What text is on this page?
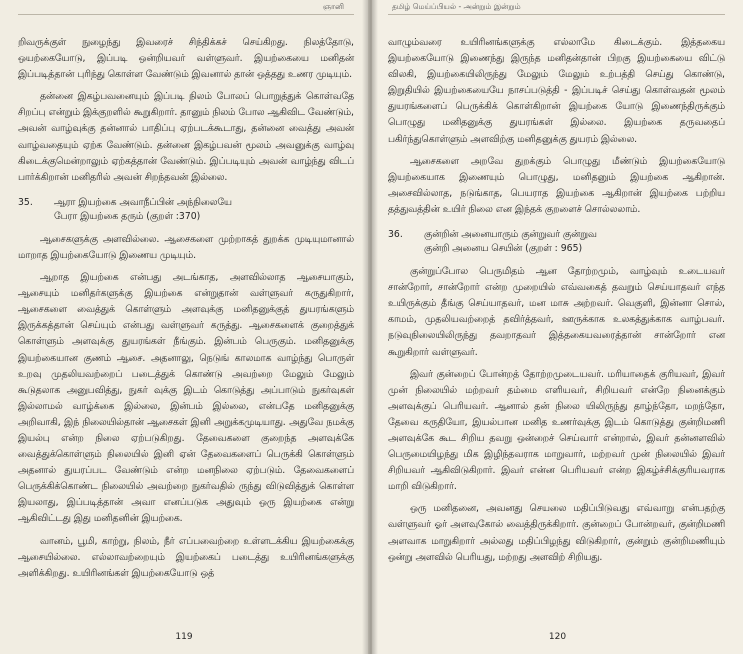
ஞானி

றிவருக்குள் நுழைந்து இவரைச் சிந்திக்கச் செய்கிறது. நிலத்தோடு, ஒயற்கையோடு, இப்படி ஒன்றியவர் வள்ளுவர். இயற்கையை மனிதன் இப்படித்தான் புரிந்து கொள்ள வேண்டும் இவனால் தான் ஒத்தது உணர முடியும்.

தன்னை இகழ்பவனையும் இப்படி நிலம் போலப் பொறுத்துக் கொள்வதே சிறப்பு என்றும் இக்குறளில் கூறுகிறார். தானும் நிலம் போல ஆகிவிட வேண்டும், அவன் வாழ்வுக்கு தன்னால் பாதிப்பு ஏற்படக்கூடாது, தன்னை வைத்து அவன் வாழ்வதையும் ஏற்க வேண்டும். தன்னை இகழ்பவன் மூலம் அவனுக்கு வாழ்வு கிடைக்குமென்றாலும் ஏற்கத்தான் வேண்டும். இப்படியும் அவன் வாழ்ந்து விடப் பார்க்கிறான் மனிதரில் அவன் சிறந்தவன் இல்லை.

35.	ஆரா இயற்கை அவாநீப்பின் அந்நிலையே
பேரா இயற்கை தரும் (குறள் :370)

ஆசைகளுக்கு அளவில்லை. ஆசைகளை முற்றாகத் துறக்க முடியுமானால் மாறாத இயற்கையோடு இணைய முடியும்.

ஆறாத இயற்கை என்பது அடங்காத, அளவில்லாத ஆசையாகும், ஆசையும் மனிதர்களுக்கு இயற்கை என்றுதான் வள்ளுவர் கருதுகிறார், ஆசைகளை வைத்துக் கொள்ளும் அளவுக்கு மனிதனுக்குத் துயரங்களும் இருக்கத்தான் செய்யும் என்பது வள்ளுவர் கருத்து. ஆசைகளைக் குறைத்துக் கொள்ளும் அளவுக்கு துயரங்கள் நீங்கும். இன்பம் பெருகும். மனிதனுக்கு இயற்கையான குணம் ஆசை. அதனாலு, நெடுங் காலமாக வாழ்ந்து பொருள் உறவு முதலியவற்றைப் படைத்துக் கொண்டு அவற்றை மேலும் மேலும் கூடுதலாக அனுபவித்து, நுகர் வுக்கு இடம் கொடுத்து அப்பாடும் நுகர்வுகள் இல்லாமல் வாழ்க்கை இல்லை, இன்பம் இல்லை, என்பதே மனிதனுக்கு அறிவாகி, இந் நிலையில்தான் ஆசைகள் இனி அறுக்கமுடியாது. அதுவே நமக்கு இயல்பு என்ற நிலை ஏற்படுகிறது. தேவைகளை குறைந்த அளவுக்கே வைத்துக்கொள்ளும் நிலையில் இனி ஏன் தேவைகளைப் பெருக்கி கொள்ளும் அதனால் துயரப்பட வேண்டும் என்ற மனநிலை ஏற்படும். தேவைகளைப் பெருக்கிக்கொண்ட நிலையில் அவற்றை நுகர்வதில் ருந்து விடுவித்துக் கொள்ள இயலாது, இப்படித்தான் அவா எனப்படுக அதுவும் ஒரு இயற்கை என்று ஆகிவிட்டது இது மனிதனின் இயற்கை.

வானம், பூமி, காற்று, நிலம், நீர் எப்பவைற்றை உள்ளடக்கிய இயற்கைக்கு ஆசையில்லை. எல்லாவற்றையும் இயற்கைப் படைத்து உயிரினங்களுக்கு அளிக்கிறது. உயிரினங்கள் இயற்கையோடு ஒத்

119
தமிழ் மெய்ப்பியல் - அன்றும் இன்றும்

வாழும்வரை உயிரினங்களுக்கு எல்லாமே கிடைக்கும். இத்தகைய இயற்கையோடு இணைந்து இருந்த மனிதன்தான் பிறகு இயற்கையை விட்டு விலகி, இயற்கையிலிருந்து மேலும் மேலும் உற்பத்தி செய்து கொண்டு, இறுதியில் இயற்கையையே நாசப்படுத்தி - இப்படிச் செய்து கொள்வதன் மூலம் துயரங்களைப் பெருக்கிக் கொள்கிறான் இயற்கை யோடு இணைந்திருக்கும் பொழுது மனிதனுக்கு துயரங்கள் இல்லை. இயற்கை தருவதைப் பகிர்ந்துகொள்ளும் அளவிற்கு மனிதனுக்கு துயரம் இல்லை.

ஆசைகளை அறவே துறக்கும் பொழுது மீண்டும் இயற்கையோடு இயற்கையாக இணையும் பொழுது, மனிதனும் இயற்கை ஆகிறான். அசைவில்லாத, நடுங்காத, பெயராத இயற்கை ஆகிறான் இயற்கை பற்றிய தத்துவத்தின் உயிர் நிலை என இந்தக் குறளைச் சொல்லலாம்.

36.	குன்றின் அனையாரும் குன்றுவர் குன்றுவ
குன்றி அனைய செயின் (குறள் : 965)

குன்றுப்போல பெருமிதம் ஆன தோற்றமும், வாழ்வும் உடையவர் சான்றோர், சான்றோர் என்ற முறையில் எவ்வகைத் தவறும் செய்யாதவர் எந்த உயிருக்கும் தீங்கு செய்யாதவர், மன மாசு அற்றவர். வெகுளி, இன்னா சொல், காமம், முதலியவற்றைத் தவிர்த்தவர், ஊருக்காக உலகத்துக்காக வாழ்பவர். நடுவுநிலையிலிருந்து தவறாதவர் இத்தகையவரைத்தான் சான்றோர் என கூறுகிறார் வள்ளுவர்.

இவர் குன்றைப் போன்றத் தோற்றமுடையவர். மரியாதைக் குரியவர், இவர் முன் நிலையில் மற்றவர் தம்மை எளியவர், சிறியவர் என்றே நினைக்கும் அளவுக்குப் பெரியவர். ஆனால் தன் நிலை யிலிருந்து தாழ்ந்தோ, மறந்தோ, தேவை கருதியோ, இயல்பான மனித உணர்வுக்கு இடம் கொடுத்து குன்றிமணி அளவுக்கே கூட சிறிய தவறு ஒன்றைச் செய்வார் என்றால், இவர் தன்னளவில் பெருமையிழந்து மிக இழிந்தவராக மாறுவார், மற்றவர் முன் நிலையில் இவர் சிறியவர் ஆகிவிடுகிறார். இவர் என்ன பெரியவர் என்ற இகழ்ச்சிக்குரியவராக மாறி விடுகிறார்.

ஒரு மனிதனை, அவனது செயலை மதிப்பிடுவது எவ்வாறு என்பதற்கு வள்ளுவர் ஓர் அளவுகோல் வைத்திருக்கிறார். குன்றைப் போன்றவர், குன்றிமணி அளவாக மாறுகிறார் அல்லது மதிப்பிழந்து விடுகிறார், குன்றும் குன்றிமணியும் ஒன்று அளவில் பெரியது, மற்றது அளவிற் சிறியது.

120
